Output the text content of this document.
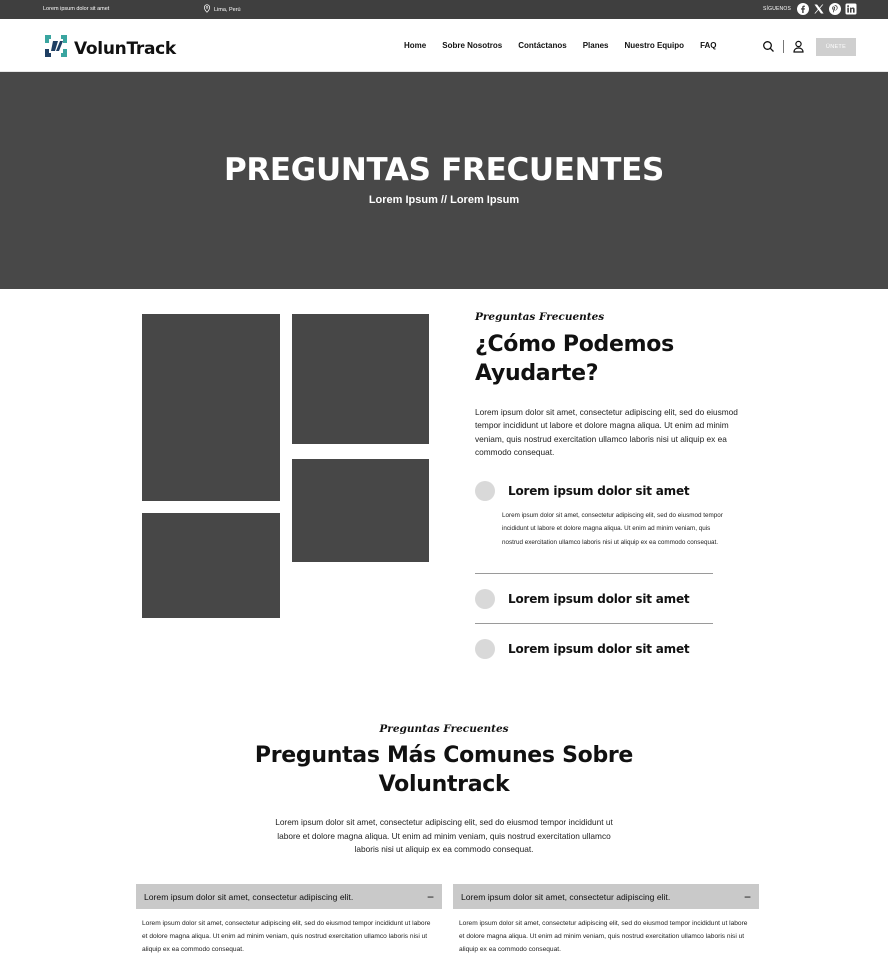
Lorem ipsum dolor sit amet	Lima, Perú	SÍGUENOS
VolunTrack	Home Sobre Nosotros Contáctanos Planes Nuestro Equipo FAQ	ÚNETE
PREGUNTAS FRECUENTES
Lorem Ipsum // Lorem Ipsum
Preguntas Frecuentes
¿Cómo Podemos Ayudarte?

Lorem ipsum dolor sit amet, consectetur adipiscing elit, sed do eiusmod tempor incididunt ut labore et dolore magna aliqua. Ut enim ad minim veniam, quis nostrud exercitation ullamco laboris nisi ut aliquip ex ea commodo consequat.

Lorem ipsum dolor sit amet

Lorem ipsum dolor sit amet, consectetur adipiscing elit, sed do eiusmod tempor incididunt ut labore et dolore magna aliqua. Ut enim ad minim veniam, quis nostrud exercitation ullamco laboris nisi ut aliquip ex ea commodo consequat.

Lorem ipsum dolor sit amet
Lorem ipsum dolor sit amet
Preguntas Frecuentes
Preguntas Más Comunes Sobre Voluntrack

Lorem ipsum dolor sit amet, consectetur adipiscing elit, sed do eiusmod tempor incididunt ut labore et dolore magna aliqua. Ut enim ad minim veniam, quis nostrud exercitation ullamco laboris nisi ut aliquip ex ea commodo consequat.

Lorem ipsum dolor sit amet, consectetur adipiscing elit.	−

Lorem ipsum dolor sit amet, consectetur adipiscing elit, sed do eiusmod tempor incididunt ut labore et dolore magna aliqua. Ut enim ad minim veniam, quis nostrud exercitation ullamco laboris nisi ut aliquip ex ea commodo consequat.

Lorem ipsum dolor sit amet, consectetur adipiscing elit.	−

Lorem ipsum dolor sit amet, consectetur adipiscing elit, sed do eiusmod tempor incididunt ut labore et dolore magna aliqua. Ut enim ad minim veniam, quis nostrud exercitation ullamco laboris nisi ut aliquip ex ea commodo consequat.
